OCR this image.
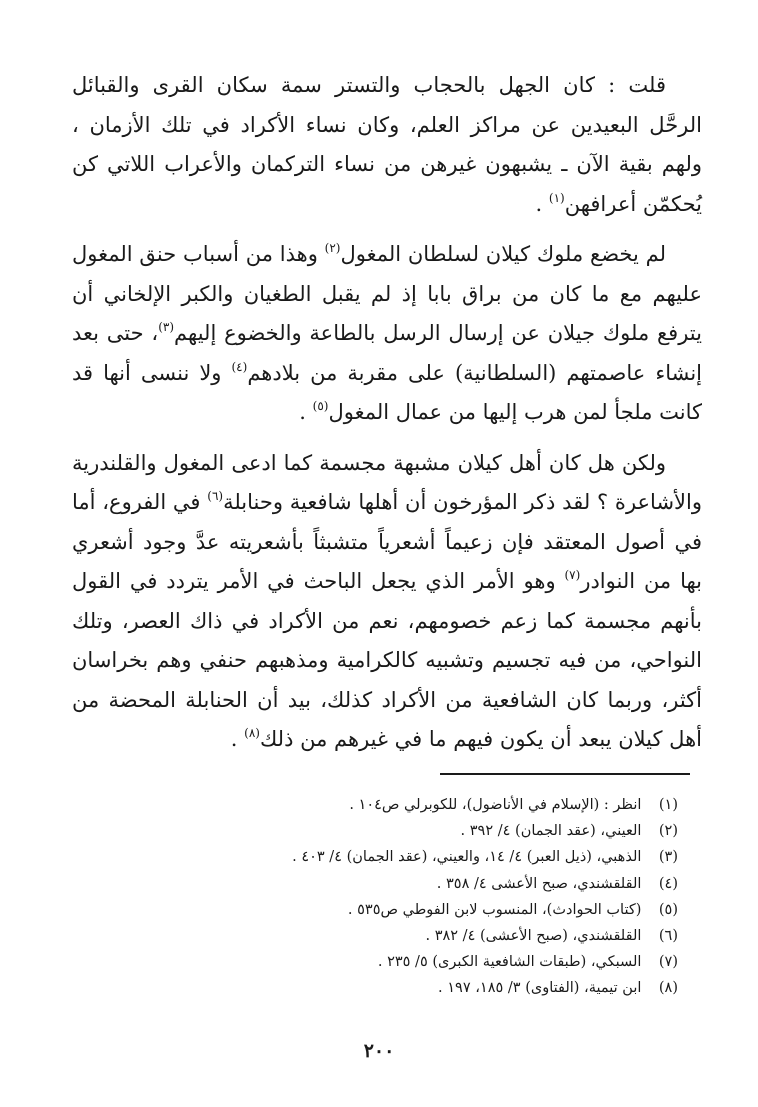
قلت : كان الجهل بالحجاب والتستر سمة سكان القرى والقبائل الرحَّل البعيدين عن مراكز العلم، وكان نساء الأكراد في تلك الأزمان ، ولهم بقية الآن ـ يشبهون غيرهن من نساء التركمان والأعراب اللاتي كن يُحكمّن أعرافهن$^{(١)}$ .

لم يخضع ملوك كيلان لسلطان المغول$^{(٢)}$ وهذا من أسباب حنق المغول عليهم مع ما كان من براق بابا إذ لم يقبل الطغيان والكبر الإلخاني أن يترفع ملوك جيلان عن إرسال الرسل بالطاعة والخضوع إليهم$^{(٣)}$، حتى بعد إنشاء عاصمتهم (السلطانية) على مقربة من بلادهم$^{(٤)}$ ولا ننسى أنها قد كانت ملجأ لمن هرب إليها من عمال المغول$^{(٥)}$ .

ولكن هل كان أهل كيلان مشبهة مجسمة كما ادعى المغول والقلندرية والأشاعرة ؟ لقد ذكر المؤرخون أن أهلها شافعية وحنابلة$^{(٦)}$ في الفروع، أما في أصول المعتقد فإن زعيماً أشعرياً متشبثاً بأشعريته عدَّ وجود أشعري بها من النوادر$^{(٧)}$ وهو الأمر الذي يجعل الباحث في الأمر يتردد في القول بأنهم مجسمة كما زعم خصومهم، نعم من الأكراد في ذاك العصر، وتلك النواحي، من فيه تجسيم وتشبيه كالكرامية ومذهبهم حنفي وهم بخراسان أكثر، وربما كان الشافعية من الأكراد كذلك، بيد أن الحنابلة المحضة من أهل كيلان يبعد أن يكون فيهم ما في غيرهم من ذلك$^{(٨)}$ .

(١) انظر : (الإسلام في الأناضول)، للكوبرلي ص١٠٤ .
(٢) العيني، (عقد الجمان) ٤/ ٣٩٢ .
(٣) الذهبي، (ذيل العبر) ٤/ ١٤، والعيني، (عقد الجمان) ٤/ ٤٠٣ .
(٤) القلقشندي، صبح الأعشى ٤/ ٣٥٨ .
(٥) (كتاب الحوادث)، المنسوب لابن الفوطي ص٥٣٥ .
(٦) القلقشندي، (صبح الأعشى) ٤/ ٣٨٢ .
(٧) السبكي، (طبقات الشافعية الكبرى) ٥/ ٢٣٥ .
(٨) ابن تيمية، (الفتاوى) ٣/ ١٨٥، ١٩٧ .
٢٠٠
